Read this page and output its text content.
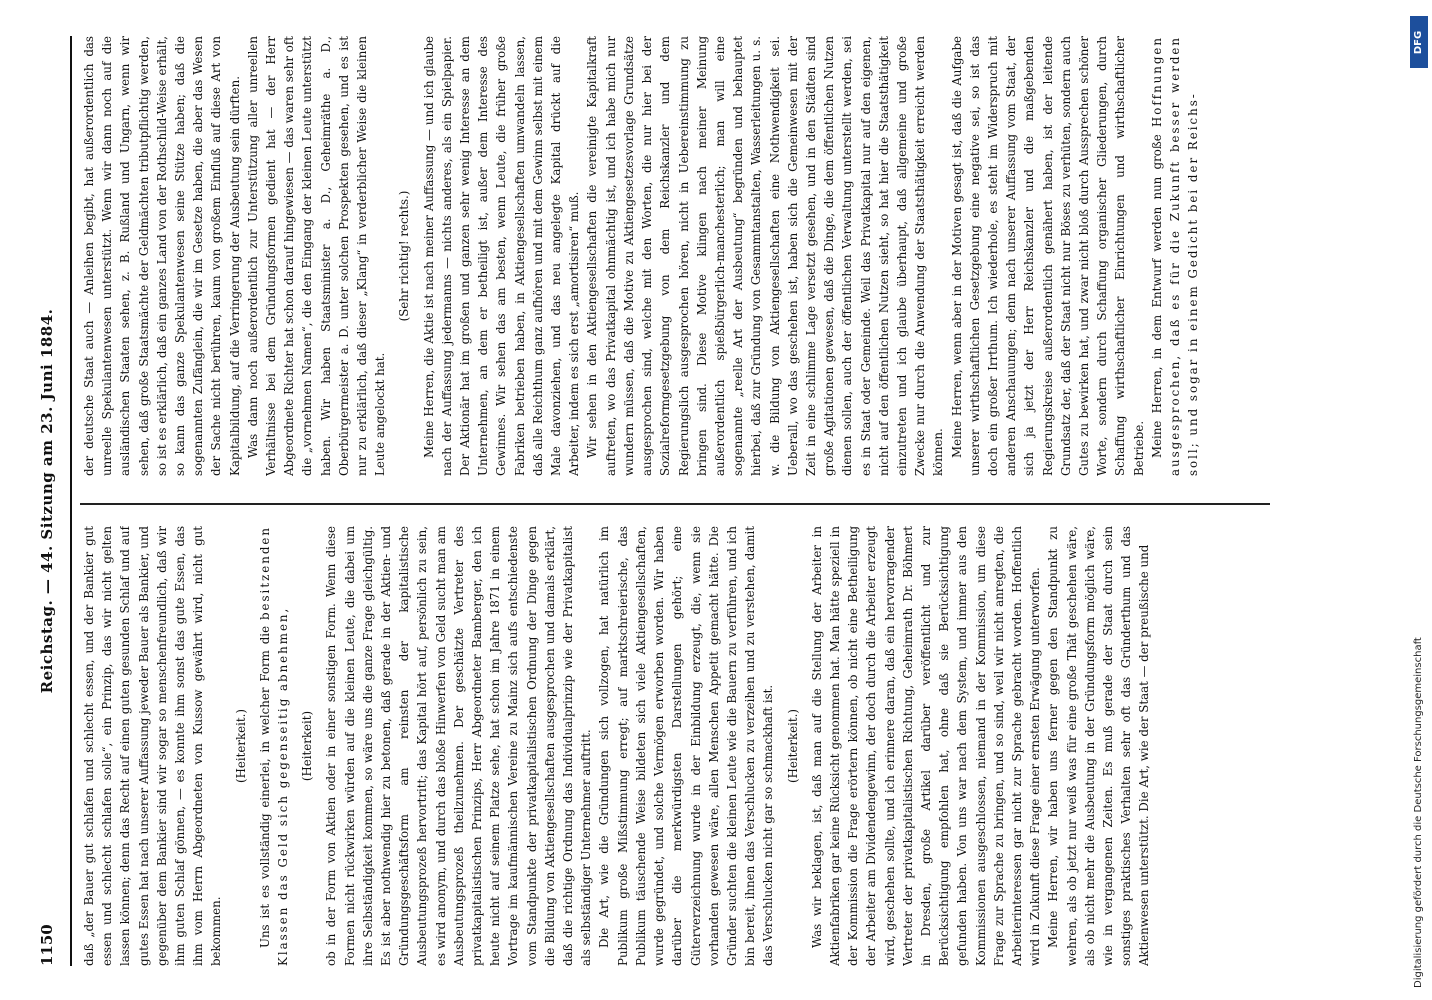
1150
Reichstag. — 44. Sitzung am 23. Juni 1884.

daß „der Bauer gut schlafen und schlecht essen, und der Bankier gut essen und schlecht schlafen solle“, ein Prinzip, das wir nicht gelten lassen können; denn das Recht auf einen guten gesunden Schlaf und auf gutes Essen hat nach unserer Auffassung jeweder Bauer als Bankier, und gegenüber dem Bankier sind wir sogar so menschenfreundlich, daß wir ihm guten Schlaf gönnen, — es konnte ihm sonst das gute Essen, das ihm vom Herrn Abgeordneten von Kussow gewährt wird, nicht gut bekommen.

(Heiterkeit.) Uns ist es vollständig einerlei, in welcher Form die besitzenden Klassen das Geld sich gegenseitig abnehmen, (Heiterkeit) ob in der Form von Aktien oder in einer sonstigen Form. Wenn diese Formen nicht rückwirken würden auf die kleinen Leute, die dabei um ihre Selbständigkeit kommen, so wäre uns die ganze Frage gleichgültig. Es ist aber nothwendig hier zu betonen, daß gerade in der Aktien- und Gründungsgeschäftsform am reinsten der kapitalistische Ausbeutungsprozeß hervortritt; das Kapital hört auf, persönlich zu sein, es wird anonym, und durch das bloße Hinwerfen von Geld sucht man am Ausbeutungsprozeß theilzunehmen. Der geschätzte Vertreter des privatkapitalistischen Prinzips, Herr Abgeordneter Bamberger, den ich heute nicht auf seinem Platze sehe, hat schon im Jahre 1871 in einem Vortrage im kaufmännischen Vereine zu Mainz sich aufs entschiedenste vom Standpunkte der privatkapitalistischen Ordnung der Dinge gegen die Bildung von Aktiengesellschaften ausgesprochen und damals erklärt, daß die richtige Ordnung das Individualprinzip wie der Privatkapitalist als selbständiger Unternehmer auftritt. Die Art, wie die Gründungen sich vollzogen, hat natürlich im Publikum große Mißstimmung erregt; auf marktschreierische, das Publikum täuschende Weise bildeten sich viele Aktiengesellschaften, wurde gegründet, und solche Vermögen erworben worden. Wir haben darüber die merkwürdigsten Darstellungen gehört; eine Güterverzeichnung wurde in der Einbildung erzeugt, die, wenn sie vorhanden gewesen wäre, allen Menschen Appetit gemacht hätte. Die Gründer suchten die kleinen Leute wie die Bauern zu verführen, und ich bin bereit, ihnen das Verschlucken zu verzeihen und zu verstehen, damit das Verschlucken nicht gar so schmackhaft ist. (Heiterkeit.) Was wir beklagen, ist, daß man auf die Stellung der Arbeiter in Aktienfabriken gar keine Rücksicht genommen hat. Man hätte speziell in der Kommission die Frage erörtern können, ob nicht eine Betheiligung der Arbeiter am Dividendengewinn, der doch durch die Arbeiter erzeugt wird, geschehen sollte, und ich erinnere daran, daß ein hervorragender Vertreter der privatkapitalistischen Richtung, Geheimrath Dr. Böhmert in Dresden, große Artikel darüber veröffentlicht und zur Berücksichtigung empfohlen hat, ohne daß sie Berücksichtigung gefunden haben. Von uns war nach dem System, und immer aus den Kommissionen ausgeschlossen, niemand in der Kommission, um diese Frage zur Sprache zu bringen, und so sind, weil wir nicht anregten, die Arbeiterinteressen gar nicht zur Sprache gebracht worden. Hoffentlich wird in Zukunft diese Frage einer ernsten Erwägung unterworfen. Meine Herren, wir haben uns ferner gegen den Standpunkt zu wehren, als ob jetzt nur weiß was für eine große Thät geschehen wäre, als ob nicht mehr die Ausbeutung in der Gründungsform möglich wäre, wie in vergangenen Zeiten. Es muß gerade der Staat durch sein sonstiges praktisches Verhalten sehr oft das Gründerthum und das Aktienwesen unterstützt. Die Art, wie der Staat — der preußische und

der deutsche Staat auch — Anleihen begibt, hat außerordentlich das unreelle Spekulantenwesen unterstützt. Wenn wir dann noch auf die ausländischen Staaten sehen, z. B. Rußland und Ungarn, wenn wir sehen, daß große Staatsmächte der Geldmächten tributpflichtig werden, so ist es erklärlich, daß ein ganzes Land von der Rothschild-Weise erhält, so kann das ganze Spekulantenwesen seine Stütze haben; daß die sogenannten Zufänglein, die wir im Gesetze haben, die aber das Wesen der Sache nicht berühren, kaum von großem Einfluß auf diese Art von Kapitalbildung, auf die Verringerung der Ausbeutung sein dürften. Was dann noch außerordentlich zur Unterstützung aller unreellen Verhältnisse bei dem Gründungsformen gedient hat — der Herr Abgeordnete Richter hat schon darauf hingewiesen — das waren sehr oft die „vornehmen Namen“, die den Eingang der kleinen Leute unterstützt haben. Wir haben Staatsminister a. D., Geheimräthe a. D., Oberbürgermeister a. D. unter solchen Prospekten gesehen, und es ist nur zu erklärlich, daß dieser „Klang“ in verderblicher Weise die kleinen Leute angelockt hat.

(Sehr richtig! rechts.) Meine Herren, die Aktie ist nach meiner Auffassung — und ich glaube nach der Auffassung jedermanns — nichts anderes, als ein Spielpapier. Der Aktionär hat im großen und ganzen sehr wenig Interesse an dem Unternehmen, an dem er betheiligt ist, außer dem Interesse des Gewinnes. Wir sehen das am besten, wenn Leute, die früher große Fabriken betrieben haben, in Aktiengesellschaften umwandeln lassen, daß alle Reichthum ganz aufhören und mit dem Gewinn selbst mit einem Male davonziehen, und das neu angelegte Kapital drückt auf die Arbeiter, indem es sich erst „amortisiren“ muß. Wir sehen in den Aktiengesellschaften die vereinigte Kapitalkraft auftreten, wo das Privatkapital ohnmächtig ist, und ich habe mich nur wundern müssen, daß die Motive zu Aktiengesetzesvorlage Grundsätze ausgesprochen sind, welche mit den Worten, die nur hier bei der Sozialreformgesetzgebung von dem Reichskanzler und dem Regierungslich ausgesprochen hören, nicht in Uebereinstimmung zu bringen sind. Diese Motive klingen nach meiner Meinung außerordentlich spießbürgerlich-manchesterlich; man will eine sogenannte „reelle Art der Ausbeutung“ begründen und behauptet hierbei, daß zur Gründung von Gesammtanstalten, Wasserleitungen u. s. w. die Bildung von Aktiengesellschaften eine Nothwendigkeit sei. Ueberall, wo das geschehen ist, haben sich die Gemeinwesen mit der Zeit in eine schlimme Lage versetzt gesehen, und in den Städten sind große Agitationen gewesen, daß die Dinge, die dem öffentlichen Nutzen dienen sollen, auch der öffentlichen Verwaltung unterstellt werden, sei es in Staat oder Gemeinde. Weil das Privatkapital nur auf den eigenen, nicht auf den öffentlichen Nutzen sieht, so hat hier die Staatsthätigkeit einzutreten und ich glaube überhaupt, daß allgemeine und große Zwecke nur durch die Anwendung der Staatsthätigkeit erreicht werden können. Meine Herren, wenn aber in der Motiven gesagt ist, daß die Aufgabe unserer wirthschaftlichen Gesetzgebung eine negative sei, so ist das doch ein großer Irrthum. Ich wiederhole, es steht im Widerspruch mit anderen Anschauungen; denn nach unserer Auffassung vom Staat, der sich ja jetzt der Herr Reichskanzler und die maßgebenden Regierungskreise außerordentlich genähert haben, ist der leitende Grundsatz der, daß der Staat nicht nur Böses zu verhüten, sondern auch Gutes zu bewirken hat, und zwar nicht bloß durch Aussprechen schöner Worte, sondern durch Schaffung organischer Gliederungen, durch Schaffung wirthschaftlicher Einrichtungen und wirthschaftlicher Betriebe. Meine Herren, in dem Entwurf werden nun große Hoffnungen ausgesprochen, daß es für die Zukunft besser werden soll; und sogar in einem Gedicht bei der Reichs-

Digitalisierung gefördert durch die Deutsche Forschungsgemeinschaft
DFG
